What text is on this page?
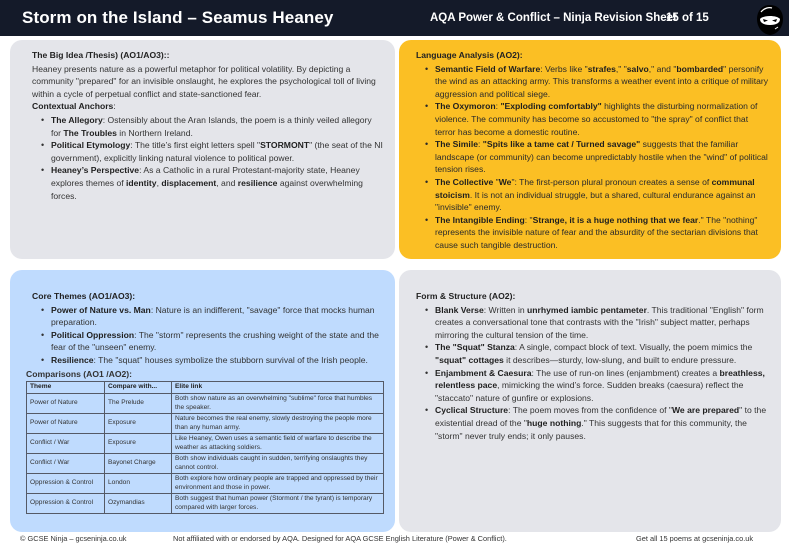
Storm on the Island – Seamus Heaney	AQA Power & Conflict – Ninja Revision Sheet
15 of 15
The Big Idea /Thesis) (AO1/AO3)::

Heaney presents nature as a powerful metaphor for political volatility. By depicting a community "prepared" for an invisible onslaught, he explores the psychological toll of living within a cycle of perpetual conflict and state-sanctioned fear.

Contextual Anchors:
• The Allegory: Ostensibly about the Aran Islands, the poem is a thinly veiled allegory for The Troubles in Northern Ireland.
• Political Etymology: The title’s first eight letters spell "STORMONT" (the seat of the NI government), explicitly linking natural violence to political power.
• Heaney’s Perspective: As a Catholic in a rural Protestant-majority state, Heaney explores themes of identity, displacement, and resilience against overwhelming forces.
Language Analysis (AO2):
• Semantic Field of Warfare: Verbs like "strafes," "salvo," and "bombarded" personify the wind as an attacking army. This transforms a weather event into a critique of military aggression and political siege.
• The Oxymoron: "Exploding comfortably" highlights the disturbing normalization of violence. The community has become so accustomed to "the spray" of conflict that terror has become a domestic routine.
• The Simile: "Spits like a tame cat / Turned savage" suggests that the familiar landscape (or community) can become unpredictably hostile when the "wind" of political tension rises.
• The Collective "We": The first-person plural pronoun creates a sense of communal stoicism. It is not an individual struggle, but a shared, cultural endurance against an "invisible" enemy.
• The Intangible Ending: "Strange, it is a huge nothing that we fear." The "nothing" represents the invisible nature of fear and the absurdity of the sectarian divisions that cause such tangible destruction.
Core Themes (AO1/AO3):
• Power of Nature vs. Man: Nature is an indifferent, "savage" force that mocks human preparation.
• Political Oppression: The "storm" represents the crushing weight of the state and the fear of the "unseen" enemy.
• Resilience: The "squat" houses symbolize the stubborn survival of the Irish people.
Comparisons (AO1 /AO2):
Theme	Compare with...	Elite link
Power of Nature	The Prelude	Both show nature as an overwhelming "sublime" force that humbles the speaker.
Power of Nature	Exposure	Nature becomes the real enemy, slowly destroying the people more than any human army.
Conflict / War	Exposure	Like Heaney, Owen uses a semantic field of warfare to describe the weather as attacking soldiers.
Conflict / War	Bayonet Charge	Both show individuals caught in sudden, terrifying onslaughts they cannot control.
Oppression & Control	London	Both explore how ordinary people are trapped and oppressed by their environment and those in power.
Oppression & Control	Ozymandias	Both suggest that human power (Stormont / the tyrant) is temporary compared with larger forces.
Form & Structure (AO2):
• Blank Verse: Written in unrhymed iambic pentameter. This traditional "English" form creates a conversational tone that contrasts with the "Irish" subject matter, perhaps mirroring the cultural tension of the time.
• The "Squat" Stanza: A single, compact block of text. Visually, the poem mimics the "squat" cottages it describes—sturdy, low-slung, and built to endure pressure.
• Enjambment & Caesura: The use of run-on lines (enjambment) creates a breathless, relentless pace, mimicking the wind’s force. Sudden breaks (caesura) reflect the "staccato" nature of gunfire or explosions.
• Cyclical Structure: The poem moves from the confidence of "We are prepared" to the existential dread of the "huge nothing." This suggests that for this community, the "storm" never truly ends; it only pauses.
© GCSE Ninja – gcseninja.co.uk	Not affiliated with or endorsed by AQA. Designed for AQA GCSE English Literature (Power & Conflict).	Get all 15 poems at gcseninja.co.uk
